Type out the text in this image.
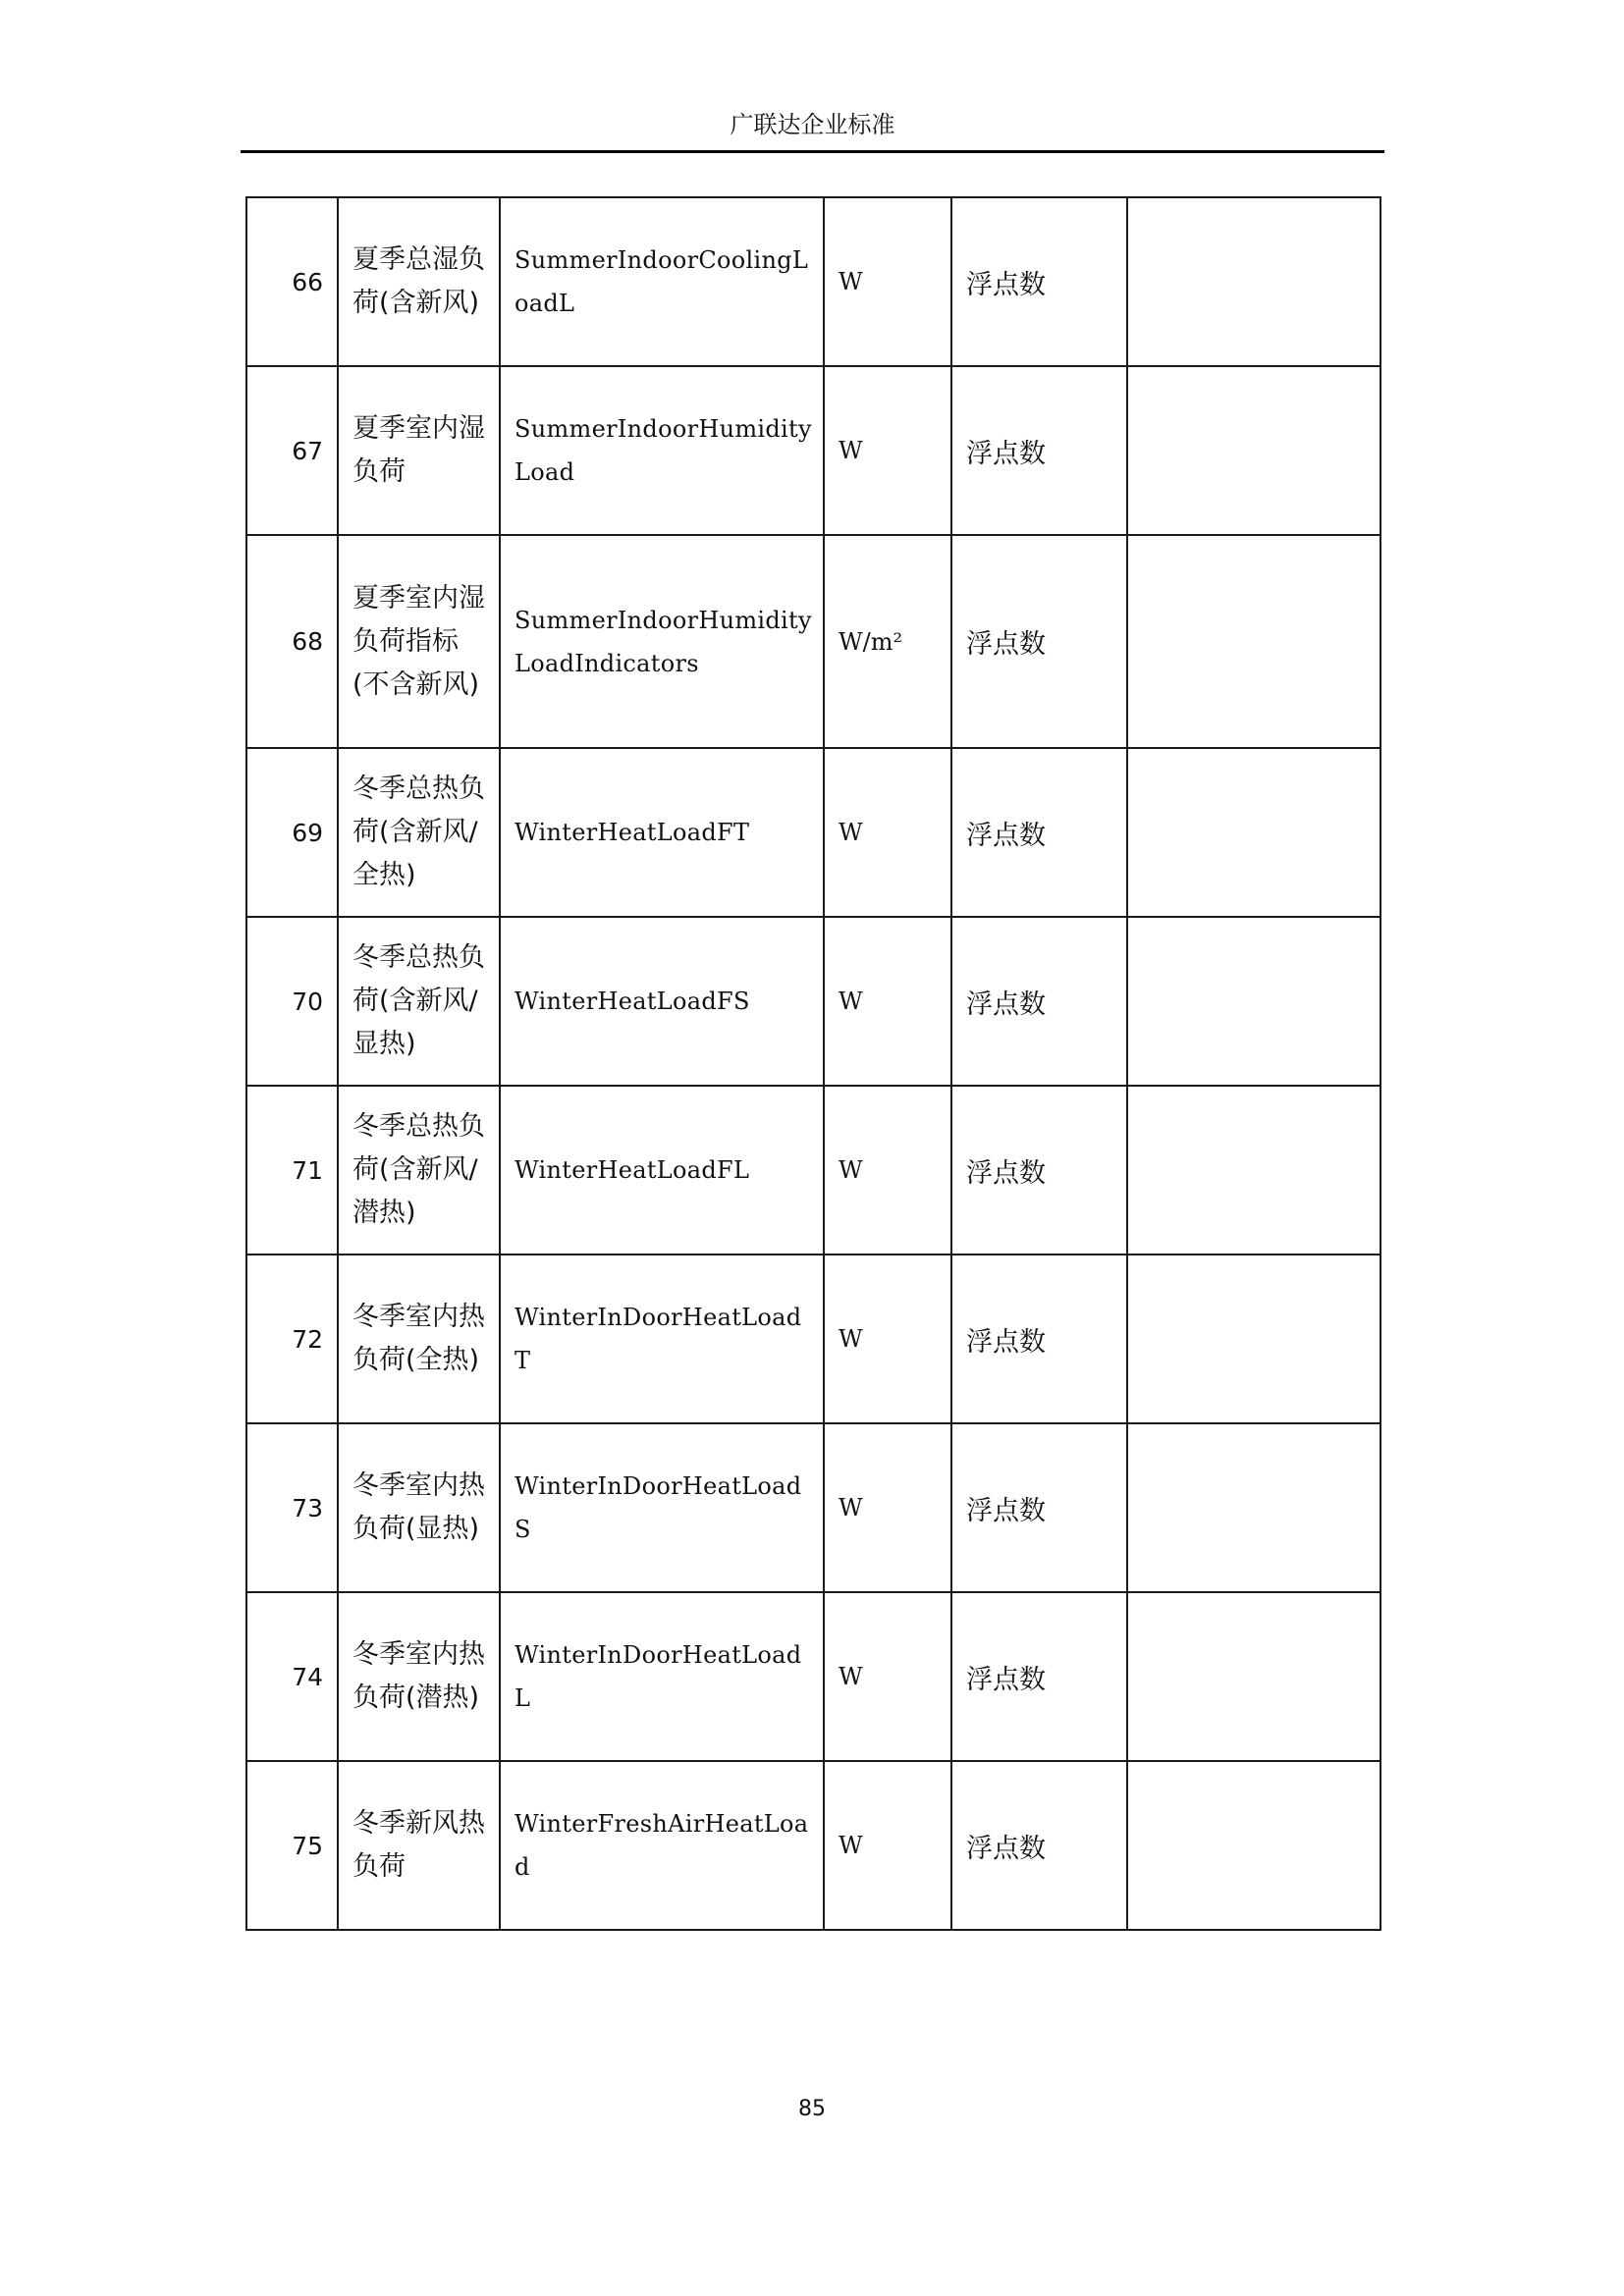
广联达企业标准
66	夏季总湿负荷(含新风)	SummerIndoorCoolingLoadL	W	浮点数	
67	夏季室内湿负荷	SummerIndoorHumidityLoad	W	浮点数	
68	夏季室内湿负荷指标(不含新风)	SummerIndoorHumidityLoadIndicators	W/m²	浮点数	
69	冬季总热负荷(含新风/全热)	WinterHeatLoadFT	W	浮点数	
70	冬季总热负荷(含新风/显热)	WinterHeatLoadFS	W	浮点数	
71	冬季总热负荷(含新风/潜热)	WinterHeatLoadFL	W	浮点数	
72	冬季室内热负荷(全热)	WinterInDoorHeatLoadT	W	浮点数	
73	冬季室内热负荷(显热)	WinterInDoorHeatLoadS	W	浮点数	
74	冬季室内热负荷(潜热)	WinterInDoorHeatLoadL	W	浮点数	
75	冬季新风热负荷	WinterFreshAirHeatLoad	W	浮点数	
85
